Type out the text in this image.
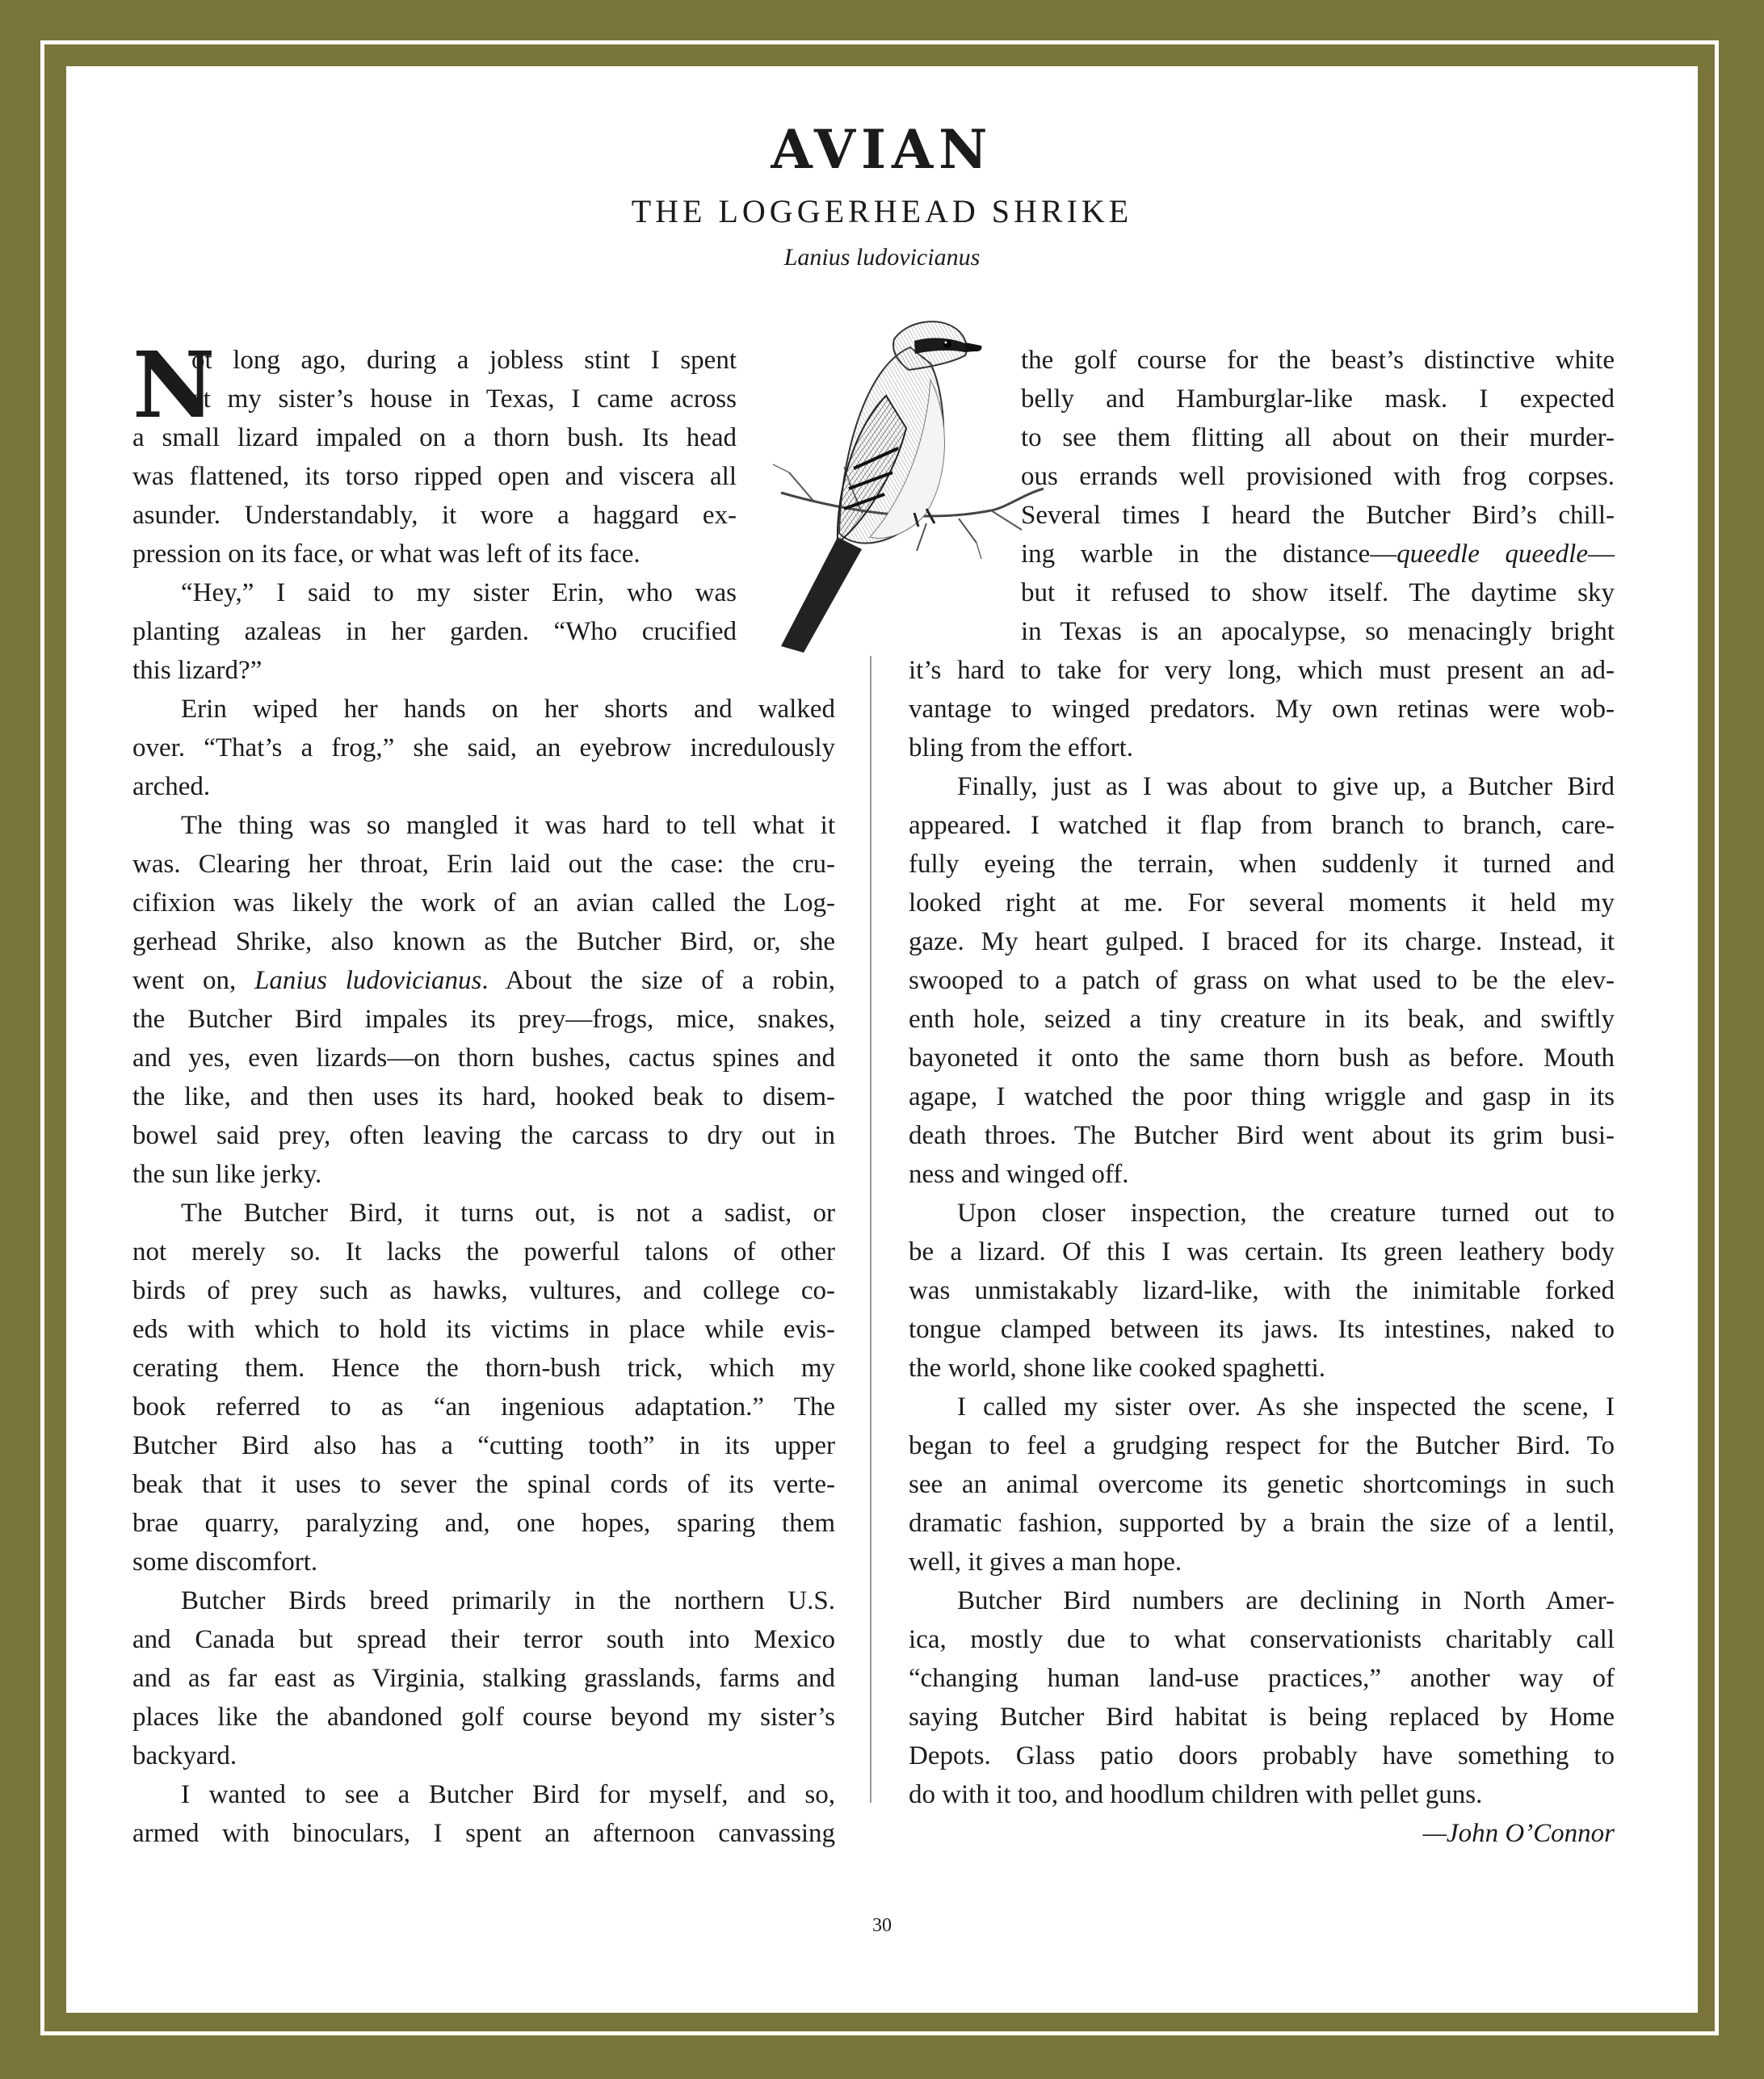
AVIAN
THE LOGGERHEAD SHRIKE
Lanius ludovicianus
N

ot long ago, during a jobless stint I spent

at my sister’s house in Texas, I came across

a small lizard impaled on a thorn bush. Its head

was flattened, its torso ripped open and viscera all

asunder. Understandably, it wore a haggard ex-

pression on its face, or what was left of its face.

“Hey,” I said to my sister Erin, who was

planting azaleas in her garden. “Who crucified

this lizard?”

Erin wiped her hands on her shorts and walked

over. “That’s a frog,” she said, an eyebrow incredulously

arched.

The thing was so mangled it was hard to tell what it

was. Clearing her throat, Erin laid out the case: the cru-

cifixion was likely the work of an avian called the Log-

gerhead Shrike, also known as the Butcher Bird, or, she

went on, Lanius ludovicianus. About the size of a robin,

the Butcher Bird impales its prey—frogs, mice, snakes,

and yes, even lizards—on thorn bushes, cactus spines and

the like, and then uses its hard, hooked beak to disem-

bowel said prey, often leaving the carcass to dry out in

the sun like jerky.

The Butcher Bird, it turns out, is not a sadist, or

not merely so. It lacks the powerful talons of other

birds of prey such as hawks, vultures, and college co-

eds with which to hold its victims in place while evis-

cerating them. Hence the thorn-bush trick, which my

book referred to as “an ingenious adaptation.” The

Butcher Bird also has a “cutting tooth” in its upper

beak that it uses to sever the spinal cords of its verte-

brae quarry, paralyzing and, one hopes, sparing them

some discomfort.

Butcher Birds breed primarily in the northern U.S.

and Canada but spread their terror south into Mexico

and as far east as Virginia, stalking grasslands, farms and

places like the abandoned golf course beyond my sister’s

backyard.

I wanted to see a Butcher Bird for myself, and so,

armed with binoculars, I spent an afternoon canvassing

the golf course for the beast’s distinctive white

belly and Hamburglar-like mask. I expected

to see them flitting all about on their murder-

ous errands well provisioned with frog corpses.

Several times I heard the Butcher Bird’s chill-

ing warble in the distance—queedle queedle—

but it refused to show itself. The daytime sky

in Texas is an apocalypse, so menacingly bright

it’s hard to take for very long, which must present an ad-

vantage to winged predators. My own retinas were wob-

bling from the effort.

Finally, just as I was about to give up, a Butcher Bird

appeared. I watched it flap from branch to branch, care-

fully eyeing the terrain, when suddenly it turned and

looked right at me. For several moments it held my

gaze. My heart gulped. I braced for its charge. Instead, it

swooped to a patch of grass on what used to be the elev-

enth hole, seized a tiny creature in its beak, and swiftly

bayoneted it onto the same thorn bush as before. Mouth

agape, I watched the poor thing wriggle and gasp in its

death throes. The Butcher Bird went about its grim busi-

ness and winged off.

Upon closer inspection, the creature turned out to

be a lizard. Of this I was certain. Its green leathery body

was unmistakably lizard-like, with the inimitable forked

tongue clamped between its jaws. Its intestines, naked to

the world, shone like cooked spaghetti.

I called my sister over. As she inspected the scene, I

began to feel a grudging respect for the Butcher Bird. To

see an animal overcome its genetic shortcomings in such

dramatic fashion, supported by a brain the size of a lentil,

well, it gives a man hope.

Butcher Bird numbers are declining in North Amer-

ica, mostly due to what conservationists charitably call

“changing human land-use practices,” another way of

saying Butcher Bird habitat is being replaced by Home

Depots. Glass patio doors probably have something to

do with it too, and hoodlum children with pellet guns.

—John O’Connor

30
